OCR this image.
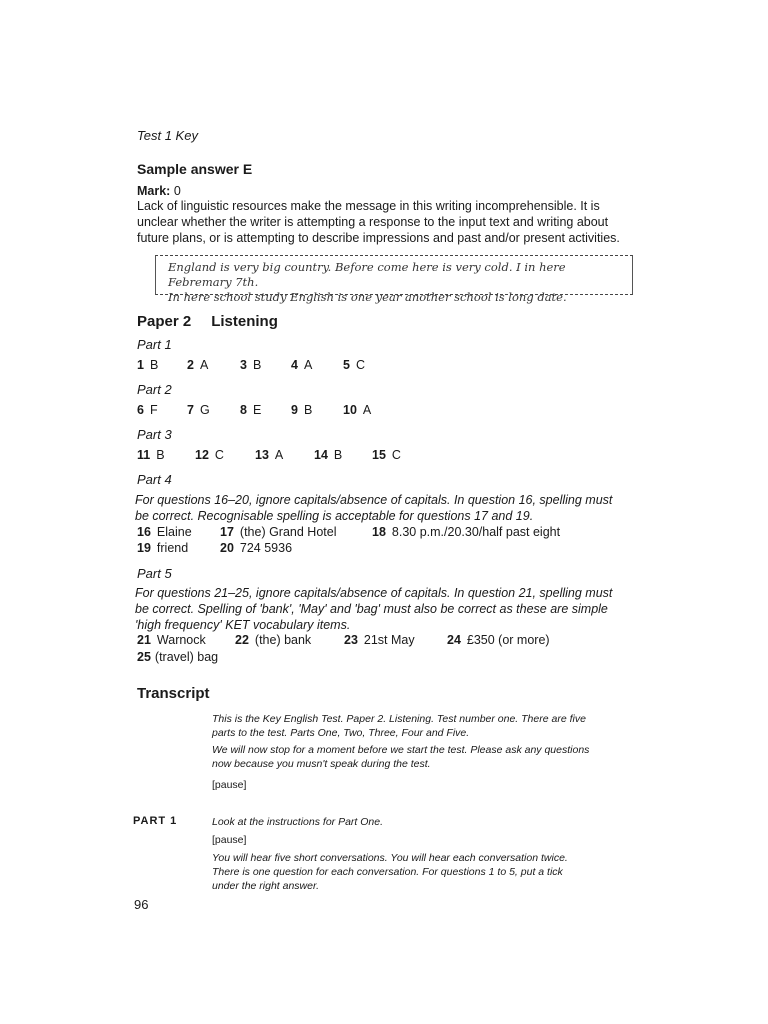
Test 1 Key
Sample answer E
Mark: 0
Lack of linguistic resources make the message in this writing incomprehensible. It is
unclear whether the writer is attempting a response to the input text and writing about
future plans, or is attempting to describe impressions and past and/or present activities.
England is very big country. Before come here is very cold. I in here Febremary 7th.
In here school study English is one year another school is long date.
Paper 2 Listening
Part 1
1 B 2 A	3 B 4 A 5 C
Part 2
6 F 7 G 8 E 9 B 10 A
Part 3
11 B 12 C 13 A 14 B 15 C
Part 4
For questions 16–20, ignore capitals/absence of capitals. In question 16, spelling must
be correct. Recognisable spelling is acceptable for questions 17 and 19.
16 Elaine 17 (the) Grand Hotel	18 8.30 p.m./20.30/half past eight
19 friend	20 724 5936
Part 5
For questions 21–25, ignore capitals/absence of capitals. In question 21, spelling must
be correct. Spelling of 'bank', 'May' and 'bag' must also be correct as these are simple
'high frequency' KET vocabulary items.
21 Warnock 22 (the) bank	23 21st May	24 £350 (or more)
25 (travel) bag
Transcript
This is the Key English Test. Paper 2. Listening. Test number one. There are five
parts to the test. Parts One, Two, Three, Four and Five.
We will now stop for a moment before we start the test. Please ask any questions
now because you musn't speak during the test.
[pause]
PART 1	Look at the instructions for Part One.
[pause]
You will hear five short conversations. You will hear each conversation twice.
There is one question for each conversation. For questions 1 to 5, put a tick
under the right answer.
96
